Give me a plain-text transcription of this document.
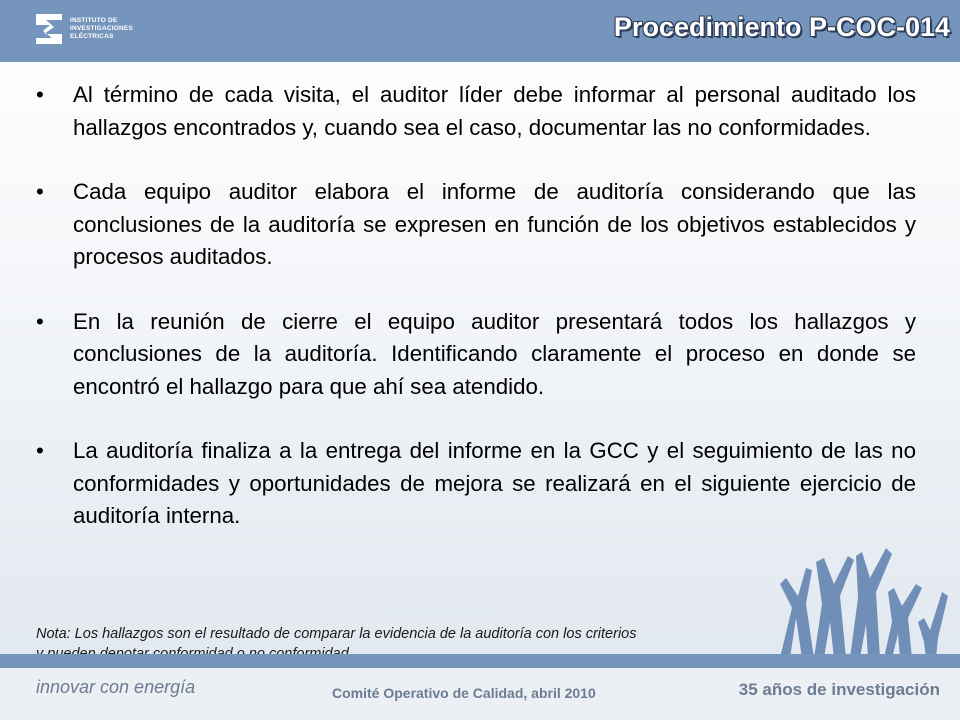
INSTITUTO DE
INVESTIGACIONES
ELÉCTRICAS	Procedimiento P-COC-014
•	Al término de cada visita, el auditor líder debe informar al personal auditado los hallazgos encontrados y, cuando sea el caso, documentar las no conformidades.
•	Cada equipo auditor elabora el informe de auditoría considerando que las conclusiones de la auditoría se expresen en función de los objetivos establecidos y procesos auditados.
•	En la reunión de cierre el equipo auditor presentará todos los hallazgos y conclusiones de la auditoría. Identificando claramente el proceso en donde se encontró el hallazgo para que ahí sea atendido.
•	La auditoría finaliza a la entrega del informe en la GCC y el seguimiento de las no conformidades y oportunidades de mejora se realizará en el siguiente ejercicio de auditoría interna.
Nota: Los hallazgos son el resultado de comparar la evidencia de la auditoría con los criterios
innovar con energía	Comité Operativo de Calidad, abril 2010	35 años de investigación
